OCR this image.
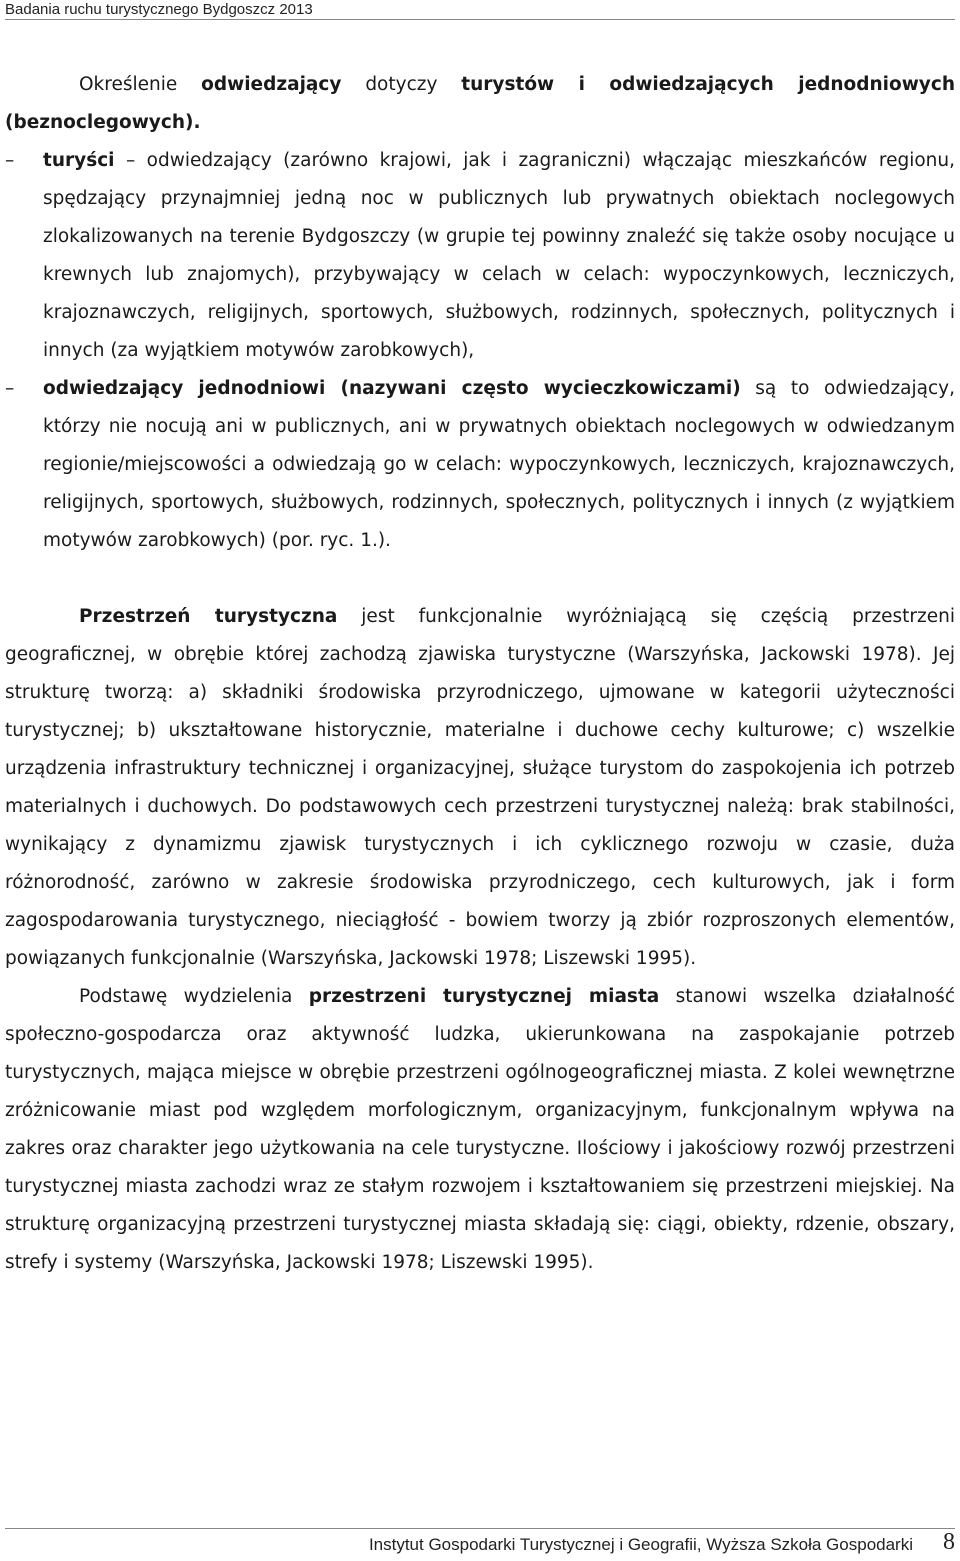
Badania ruchu turystycznego Bydgoszcz 2013

Określenie odwiedzający dotyczy turystów i odwiedzających jednodniowych (beznoclegowych).

– turyści – odwiedzający (zarówno krajowi, jak i zagraniczni) włączając mieszkańców regionu, spędzający przynajmniej jedną noc w publicznych lub prywatnych obiektach noclegowych zlokalizowanych na terenie Bydgoszczy (w grupie tej powinny znaleźć się także osoby nocujące u krewnych lub znajomych), przybywający w celach w celach: wypoczynkowych, leczniczych, krajoznawczych, religijnych, sportowych, służbowych, rodzinnych, społecznych, politycznych i innych (za wyjątkiem motywów zarobkowych),
– odwiedzający jednodniowi (nazywani często wycieczkowiczami) są to odwiedzający, którzy nie nocują ani w publicznych, ani w prywatnych obiektach noclegowych w odwiedzanym regionie/miejscowości a odwiedzają go w celach: wypoczynkowych, leczniczych, krajoznawczych, religijnych, sportowych, służbowych, rodzinnych, społecznych, politycznych i innych (z wyjątkiem motywów zarobkowych) (por. ryc. 1.).

Przestrzeń turystyczna jest funkcjonalnie wyróżniającą się częścią przestrzeni geograficznej, w obrębie której zachodzą zjawiska turystyczne (Warszyńska, Jackowski 1978). Jej strukturę tworzą: a) składniki środowiska przyrodniczego, ujmowane w kategorii użyteczności turystycznej; b) ukształtowane historycznie, materialne i duchowe cechy kulturowe; c) wszelkie urządzenia infrastruktury technicznej i organizacyjnej, służące turystom do zaspokojenia ich potrzeb materialnych i duchowych. Do podstawowych cech przestrzeni turystycznej należą: brak stabilności, wynikający z dynamizmu zjawisk turystycznych i ich cyklicznego rozwoju w czasie, duża różnorodność, zarówno w zakresie środowiska przyrodniczego, cech kulturowych, jak i form zagospodarowania turystycznego, nieciągłość - bowiem tworzy ją zbiór rozproszonych elementów, powiązanych funkcjonalnie (Warszyńska, Jackowski 1978; Liszewski 1995).

Podstawę wydzielenia przestrzeni turystycznej miasta stanowi wszelka działalność społeczno-gospodarcza oraz aktywność ludzka, ukierunkowana na zaspokajanie potrzeb turystycznych, mająca miejsce w obrębie przestrzeni ogólnogeograficznej miasta. Z kolei wewnętrzne zróżnicowanie miast pod względem morfologicznym, organizacyjnym, funkcjonalnym wpływa na zakres oraz charakter jego użytkowania na cele turystyczne. Ilościowy i jakościowy rozwój przestrzeni turystycznej miasta zachodzi wraz ze stałym rozwojem i kształtowaniem się przestrzeni miejskiej. Na strukturę organizacyjną przestrzeni turystycznej miasta składają się: ciągi, obiekty, rdzenie, obszary, strefy i systemy (Warszyńska, Jackowski 1978; Liszewski 1995).

Instytut Gospodarki Turystycznej i Geografii, Wyższa Szkoła Gospodarki 8
